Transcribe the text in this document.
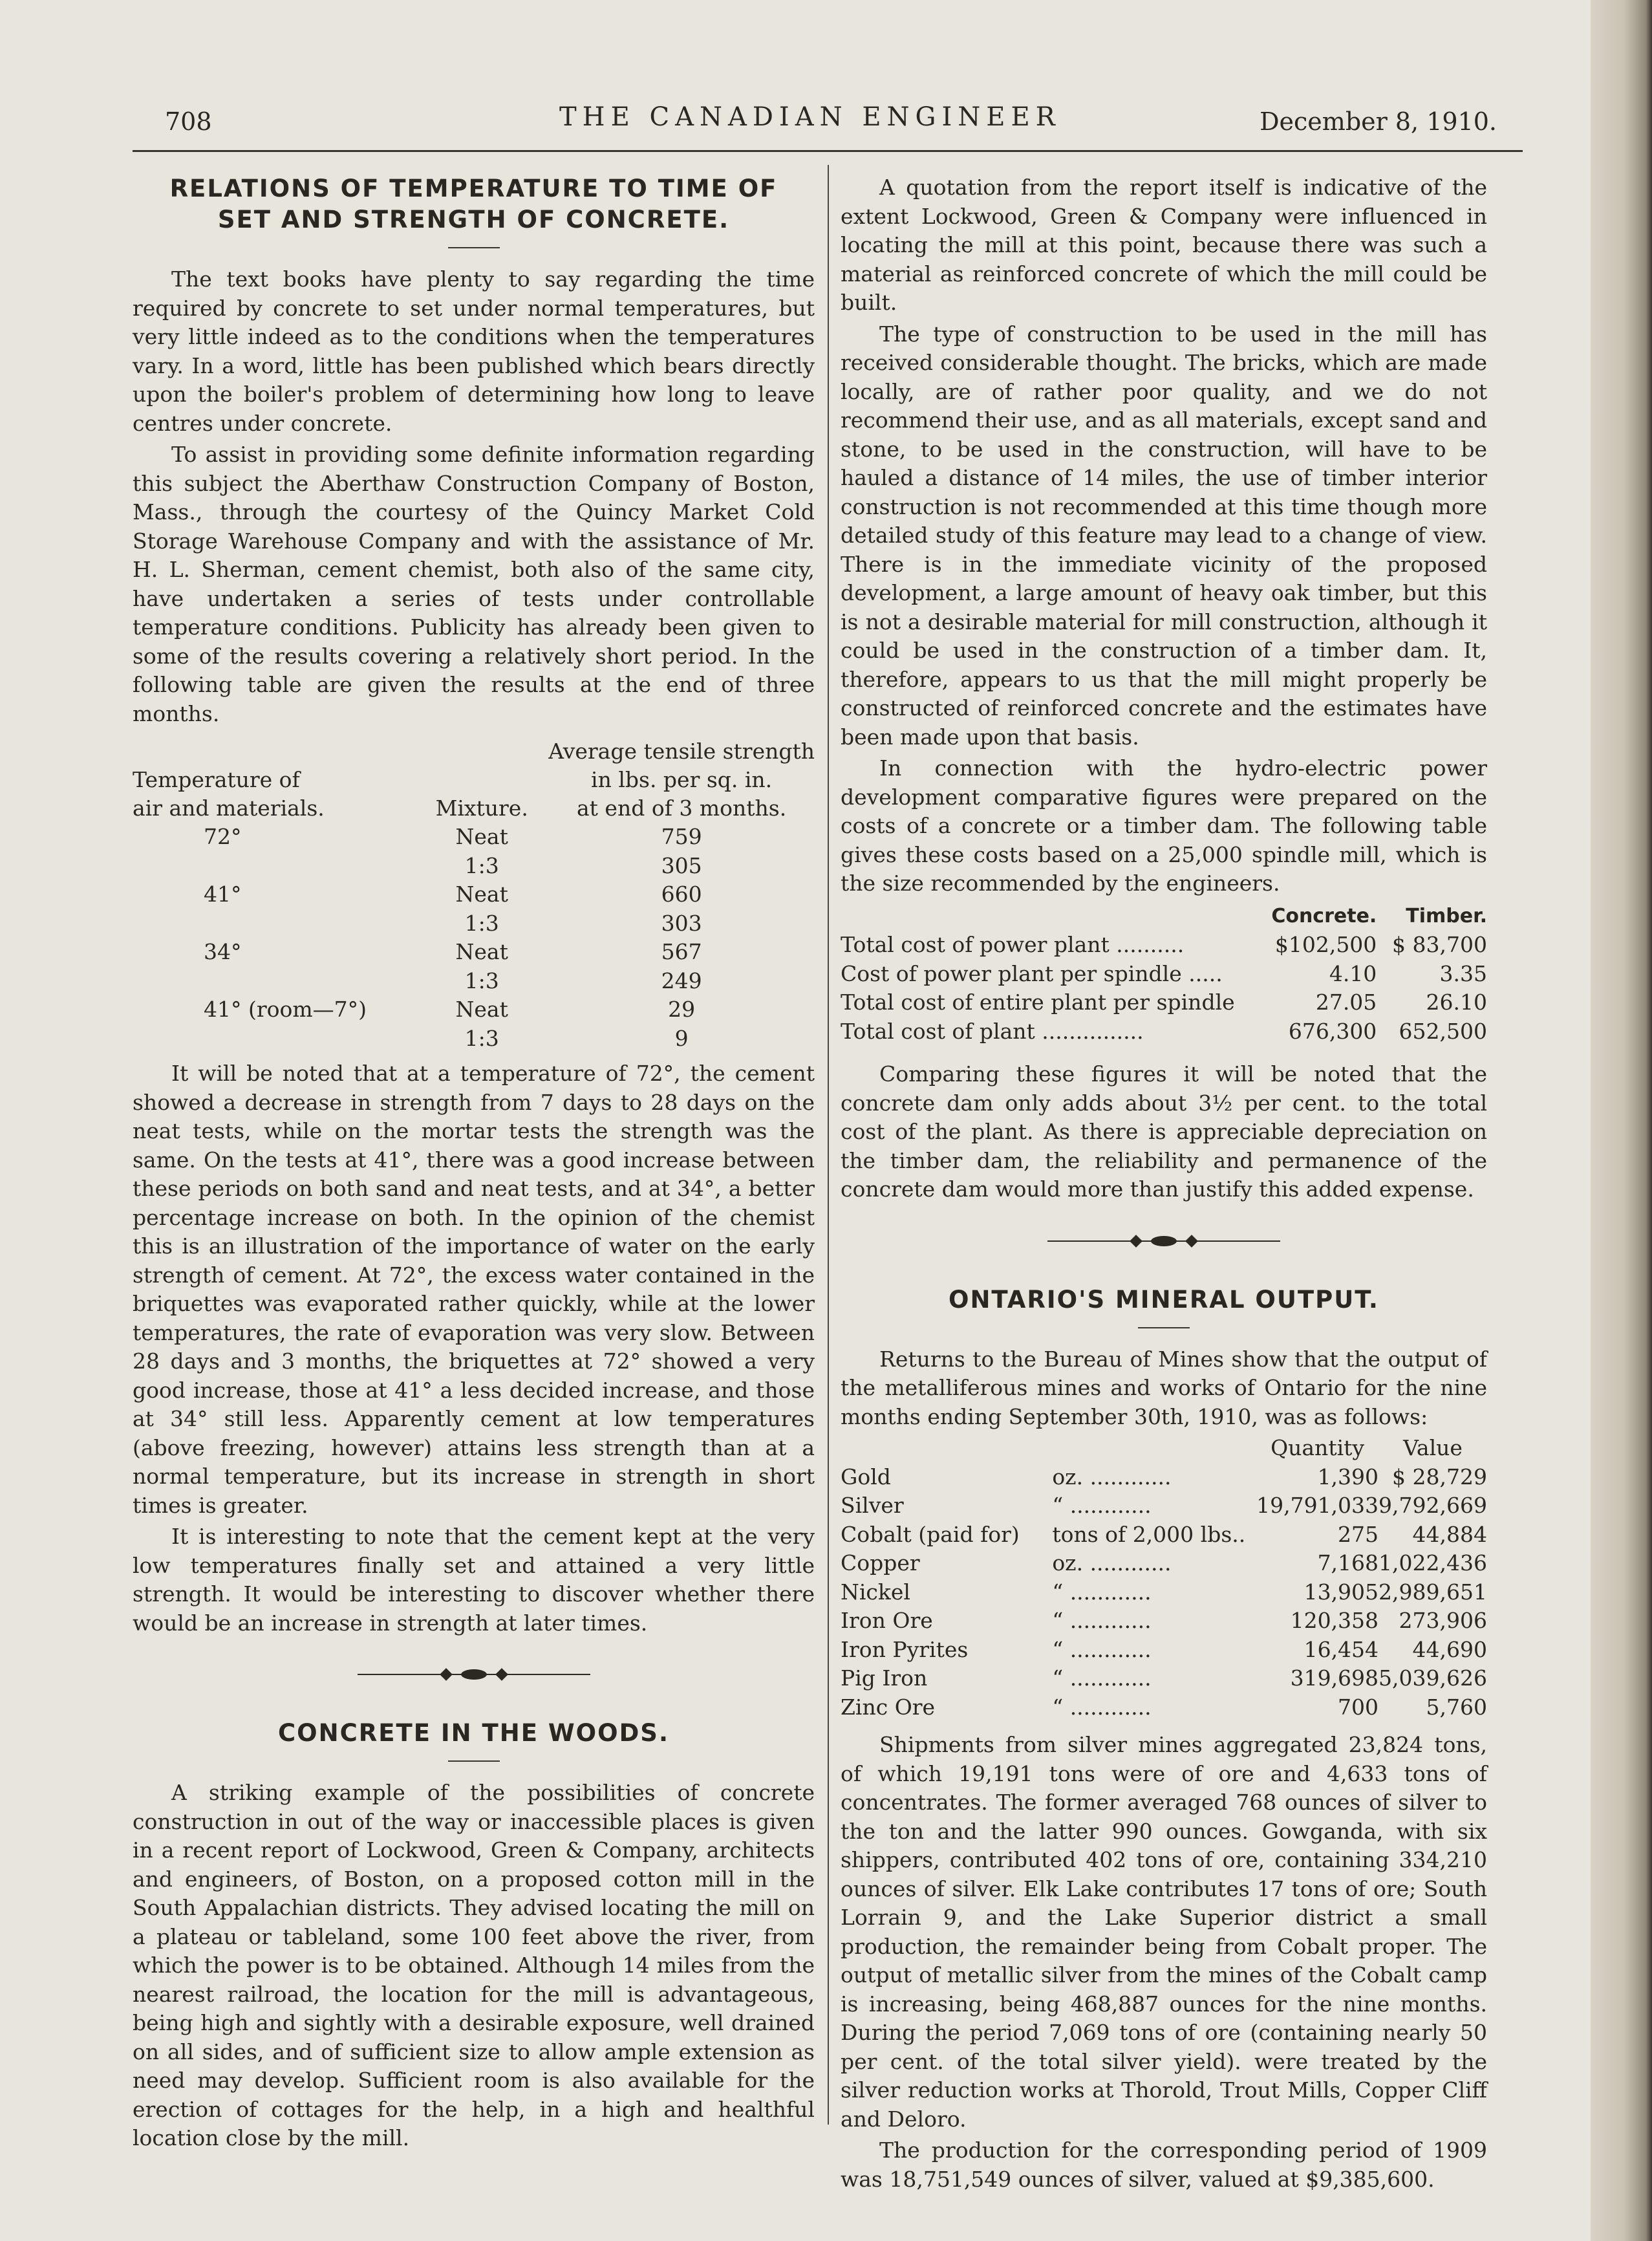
708	THE CANADIAN ENGINEER	December 8, 1910.
RELATIONS OF TEMPERATURE TO TIME OF
SET AND STRENGTH OF CONCRETE.

The text books have plenty to say regarding the time required by concrete to set under normal temperatures, but very little indeed as to the conditions when the temperatures vary. In a word, little has been published which bears directly upon the boiler's problem of determining how long to leave centres under concrete.

To assist in providing some definite information regarding this subject the Aberthaw Construction Company of Boston, Mass., through the courtesy of the Quincy Market Cold Storage Warehouse Company and with the assistance of Mr. H. L. Sherman, cement chemist, both also of the same city, have undertaken a series of tests under controllable temperature conditions. Publicity has already been given to some of the results covering a relatively short period. In the following table are given the results at the end of three months.

		Average tensile strength
Temperature of		in lbs. per sq. in.
air and materials.	Mixture.	at end of 3 months.
72°	Neat	759
	1:3	305
41°	Neat	660
	1:3	303
34°	Neat	567
	1:3	249
41° (room—7°)	Neat	29
	1:3	9

It will be noted that at a temperature of 72°, the cement showed a decrease in strength from 7 days to 28 days on the neat tests, while on the mortar tests the strength was the same. On the tests at 41°, there was a good increase between these periods on both sand and neat tests, and at 34°, a better percentage increase on both. In the opinion of the chemist this is an illustration of the importance of water on the early strength of cement. At 72°, the excess water contained in the briquettes was evaporated rather quickly, while at the lower temperatures, the rate of evaporation was very slow. Between 28 days and 3 months, the briquettes at 72° showed a very good increase, those at 41° a less decided increase, and those at 34° still less. Apparently cement at low temperatures (above freezing, however) attains less strength than at a normal temperature, but its increase in strength in short times is greater.

It is interesting to note that the cement kept at the very low temperatures finally set and attained a very little strength. It would be interesting to discover whether there would be an increase in strength at later times.

CONCRETE IN THE WOODS.

A striking example of the possibilities of concrete construction in out of the way or inaccessible places is given in a recent report of Lockwood, Green & Company, architects and engineers, of Boston, on a proposed cotton mill in the South Appalachian districts. They advised locating the mill on a plateau or tableland, some 100 feet above the river, from which the power is to be obtained. Although 14 miles from the nearest railroad, the location for the mill is advantageous, being high and sightly with a desirable exposure, well drained on all sides, and of sufficient size to allow ample extension as need may develop. Sufficient room is also available for the erection of cottages for the help, in a high and healthful location close by the mill.

A quotation from the report itself is indicative of the extent Lockwood, Green & Company were influenced in locating the mill at this point, because there was such a material as reinforced concrete of which the mill could be built.

The type of construction to be used in the mill has received considerable thought. The bricks, which are made locally, are of rather poor quality, and we do not recommend their use, and as all materials, except sand and stone, to be used in the construction, will have to be hauled a distance of 14 miles, the use of timber interior construction is not recommended at this time though more detailed study of this feature may lead to a change of view. There is in the immediate vicinity of the proposed development, a large amount of heavy oak timber, but this is not a desirable material for mill construction, although it could be used in the construction of a timber dam. It, therefore, appears to us that the mill might properly be constructed of reinforced concrete and the estimates have been made upon that basis.

In connection with the hydro-electric power development comparative figures were prepared on the costs of a concrete or a timber dam. The following table gives these costs based on a 25,000 spindle mill, which is the size recommended by the engineers.

	Concrete.	Timber.
Total cost of power plant ..........	$102,500	$ 83,700
Cost of power plant per spindle .....	4.10	3.35
Total cost of entire plant per spindle	27.05	26.10
Total cost of plant ...............	676,300	652,500

Comparing these figures it will be noted that the concrete dam only adds about 3½ per cent. to the total cost of the plant. As there is appreciable depreciation on the timber dam, the reliability and permanence of the concrete dam would more than justify this added expense.

ONTARIO'S MINERAL OUTPUT.

Returns to the Bureau of Mines show that the output of the metalliferous mines and works of Ontario for the nine months ending September 30th, 1910, was as follows:

		Quantity	Value
Gold	oz. ............	1,390	$ 28,729
Silver	“ ............	19,791,033	9,792,669
Cobalt (paid for)	tons of 2,000 lbs..	275	44,884
Copper	oz. ............	7,168	1,022,436
Nickel	“ ............	13,905	2,989,651
Iron Ore	“ ............	120,358	273,906
Iron Pyrites	“ ............	16,454	44,690
Pig Iron	“ ............	319,698	5,039,626
Zinc Ore	“ ............	700	5,760

Shipments from silver mines aggregated 23,824 tons, of which 19,191 tons were of ore and 4,633 tons of concentrates. The former averaged 768 ounces of silver to the ton and the latter 990 ounces. Gowganda, with six shippers, contributed 402 tons of ore, containing 334,210 ounces of silver. Elk Lake contributes 17 tons of ore; South Lorrain 9, and the Lake Superior district a small production, the remainder being from Cobalt proper. The output of metallic silver from the mines of the Cobalt camp is increasing, being 468,887 ounces for the nine months. During the period 7,069 tons of ore (containing nearly 50 per cent. of the total silver yield). were treated by the silver reduction works at Thorold, Trout Mills, Copper Cliff and Deloro.

The production for the corresponding period of 1909 was 18,751,549 ounces of silver, valued at $9,385,600.
